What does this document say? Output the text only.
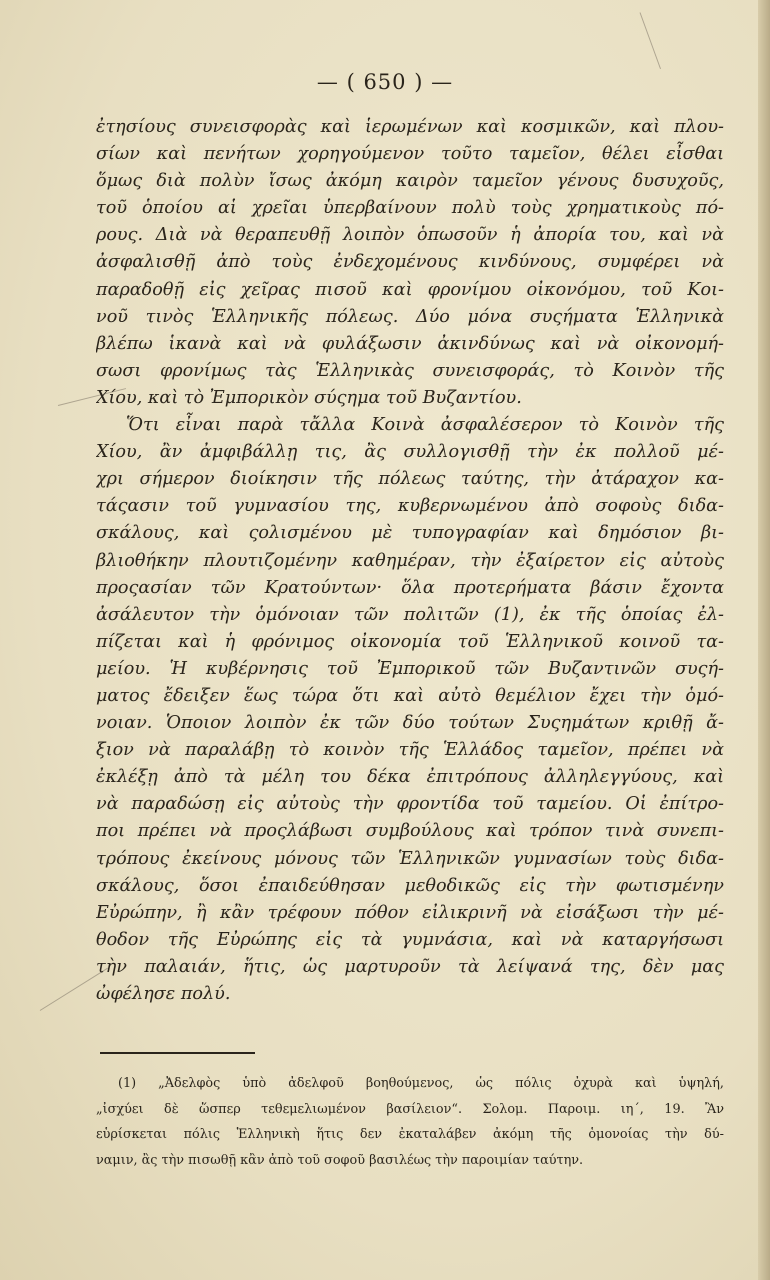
— ( 650 ) —
ἐτησίους συνεισφορὰς καὶ ἱερωμένων καὶ κοσμικῶν, καὶ πλου-
σίων καὶ πενήτων χορηγούμενον τοῦτο ταμεῖον, θέλει εἶσθαι
ὅμως διὰ πολὺν ἴσως ἀκόμη καιρὸν ταμεῖον γένους δυσυχοῦς,
τοῦ ὁποίου αἱ χρεῖαι ὑπερβαίνουν πολὺ τοὺς χρηματικοὺς πό-
ρους. Διὰ νὰ θεραπευθῇ λοιπὸν ὁπωσοῦν ἡ ἀπορία του, καὶ νὰ
ἀσφαλισθῇ ἀπὸ τοὺς ἐνδεχομένους κινδύνους, συμφέρει νὰ
παραδοθῇ εἰς χεῖρας πισοῦ καὶ φρονίμου οἰκονόμου, τοῦ Κοι-
νοῦ τινὸς Ἑλληνικῆς πόλεως. Δύο μόνα συςήματα Ἑλληνικὰ
βλέπω ἱκανὰ καὶ νὰ φυλάξωσιν ἀκινδύνως καὶ νὰ οἰκονομή-
σωσι φρονίμως τὰς Ἑλληνικὰς συνεισφοράς, τὸ Κοινὸν τῆς
Χίου, καὶ τὸ Ἐμπορικὸν σύςημα τοῦ Βυζαντίου.
Ὅτι εἶναι παρὰ τἄλλα Κοινὰ ἀσφαλέσερον τὸ Κοινὸν τῆς
Χίου, ἂν ἀμφιβάλλῃ τις, ἂς συλλογισθῇ τὴν ἐκ πολλοῦ μέ-
χρι σήμερον διοίκησιν τῆς πόλεως ταύτης, τὴν ἀτάραχον κα-
τάςασιν τοῦ γυμνασίου της, κυβερνωμένου ἀπὸ σοφοὺς διδα-
σκάλους, καὶ ςολισμένου μὲ τυπογραφίαν καὶ δημόσιον βι-
βλιοθήκην πλουτιζομένην καθημέραν, τὴν ἐξαίρετον εἰς αὐτοὺς
προςασίαν τῶν Κρατούντων· ὅλα προτερήματα βάσιν ἔχοντα
ἀσάλευτον τὴν ὁμόνοιαν τῶν πολιτῶν (1), ἐκ τῆς ὁποίας ἐλ-
πίζεται καὶ ἡ φρόνιμος οἰκονομία τοῦ Ἑλληνικοῦ κοινοῦ τα-
μείου. Ἡ κυβέρνησις τοῦ Ἐμπορικοῦ τῶν Βυζαντινῶν συςή-
ματος ἔδειξεν ἕως τώρα ὅτι καὶ αὐτὸ θεμέλιον ἔχει τὴν ὁμό-
νοιαν. Ὁποιον λοιπὸν ἐκ τῶν δύο τούτων Συςημάτων κριθῇ ἄ-
ξιον νὰ παραλάβῃ τὸ κοινὸν τῆς Ἑλλάδος ταμεῖον, πρέπει νὰ
ἐκλέξῃ ἀπὸ τὰ μέλη του δέκα ἐπιτρόπους ἀλληλεγγύους, καὶ
νὰ παραδώσῃ εἰς αὐτοὺς τὴν φροντίδα τοῦ ταμείου. Οἱ ἐπίτρο-
ποι πρέπει νὰ προςλάβωσι συμβούλους καὶ τρόπον τινὰ συνεπι-
τρόπους ἐκείνους μόνους τῶν Ἑλληνικῶν γυμνασίων τοὺς διδα-
σκάλους, ὅσοι ἐπαιδεύθησαν μεθοδικῶς εἰς τὴν φωτισμένην
Εὐρώπην, ἢ κἂν τρέφουν πόθον εἰλικρινῆ νὰ εἰσάξωσι τὴν μέ-
θοδον τῆς Εὐρώπης εἰς τὰ γυμνάσια, καὶ νὰ καταργήσωσι
τὴν παλαιάν, ἥτις, ὡς μαρτυροῦν τὰ λείψανά της, δὲν μας
ὠφέλησε πολύ.
(1) „Ἀδελφὸς ὑπὸ ἀδελφοῦ βοηθούμενος, ὡς πόλις ὀχυρὰ καὶ ὑψηλή,
„ἰσχύει δὲ ὥσπερ τεθεμελιωμένον βασίλειον“. Σολομ. Παροιμ. ιη´, 19. Ἂν
εὑρίσκεται πόλις Ἑλληνικὴ ἥτις δεν ἐκαταλάβεν ἀκόμη τῆς ὁμονοίας τὴν δύ-
ναμιν, ἂς τὴν πισωθῇ κἂν ἀπὸ τοῦ σοφοῦ βασιλέως τὴν παροιμίαν ταύτην.
